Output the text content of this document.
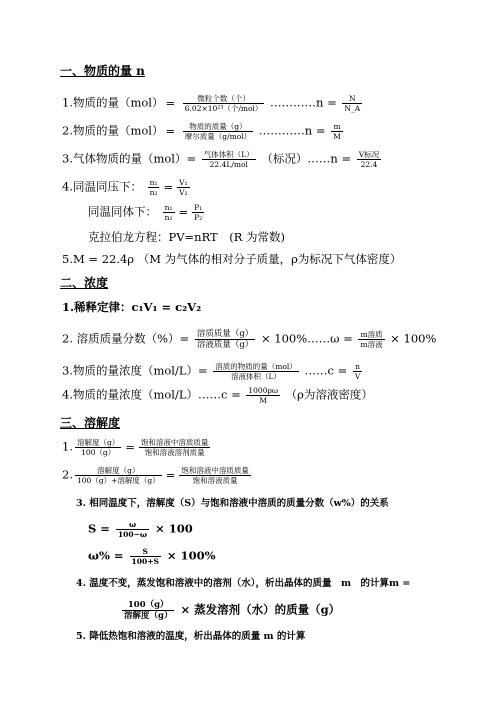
一、物质的量 n
1.物质的量$(mol) = \frac{\text{微粒个数（个）}}{\text{6.02×10²³（个/mol）}}$ …………n = $\frac{N}{N\_A}$
2.物质的量$(mol) = \frac{\text{物质的质量（g）}}{\text{摩尔质量（g/mol）}}$ …………n = $\frac{m}{M}$
3.气体物质的量$(mol)= \frac{\text{气体体积（L）}}{\text{22.4L/mol}}$ （标况）……n = $\frac{\text{V标况}}{22.4}$
4.同温同压下： $\frac{\text{n₁}}{\text{n₂}} = \frac{\text{V₁}}{\text{V₂}}$
同温同体下： $\frac{\text{n₁}}{\text{n₂}} = \frac{\text{P₁}}{\text{P₂}}$
克拉伯龙方程：PV=nRT　(R 为常数)
5.M = 22.4ρ （M 为气体的相对分子质量，ρ为标况下气体密度）
二、浓度
1.稀释定律：c₁V₁ = c₂V₂
2. 溶质质量分数（%）= $\frac{\text{溶质质量（g）}}{\text{溶液质量（g）}}$ × 100%……ω = $\frac{\text{m溶质}}{\text{m溶液}} \times 100\%$
3.物质的量浓度$(mol/L)= \frac{\text{溶质的物质的量（mol）}}{\text{溶液体积（L）}}$ ……c = $\frac{n}{V}$
4.物质的量浓度（mol/L）……c = $\frac{1000\rho\omega}{M} (\rho$为溶液密度）
三、溶解度
1. $\frac{\text{溶解度（g）}}{100(g)} = \frac{\text{饱和溶液中溶质质量}}{\text{饱和溶液溶剂质量}}$
2. $\frac{\text{溶解度（g）}}{\text{100（g）+溶解度（g）}} = \frac{\text{饱和溶液中溶质质量}}{\text{饱和溶液质量}}$
3. 相同温度下，溶解度（S）与饱和溶液中溶质的质量分数（w%）的关系
$S = \frac{\omega}{100-\omega} \times 100$
$\omega\% = \frac{S}{100+S} \times 100\%$
4. 温度不变，蒸发饱和溶液中的溶剂（水），析出晶体的质量　m　的计算m =
$\frac{100(g)}{\text{溶解度（g）}}$ × 蒸发溶剂（水）的质量（g）
5. 降低热饱和溶液的温度，析出晶体的质量 m 的计算
